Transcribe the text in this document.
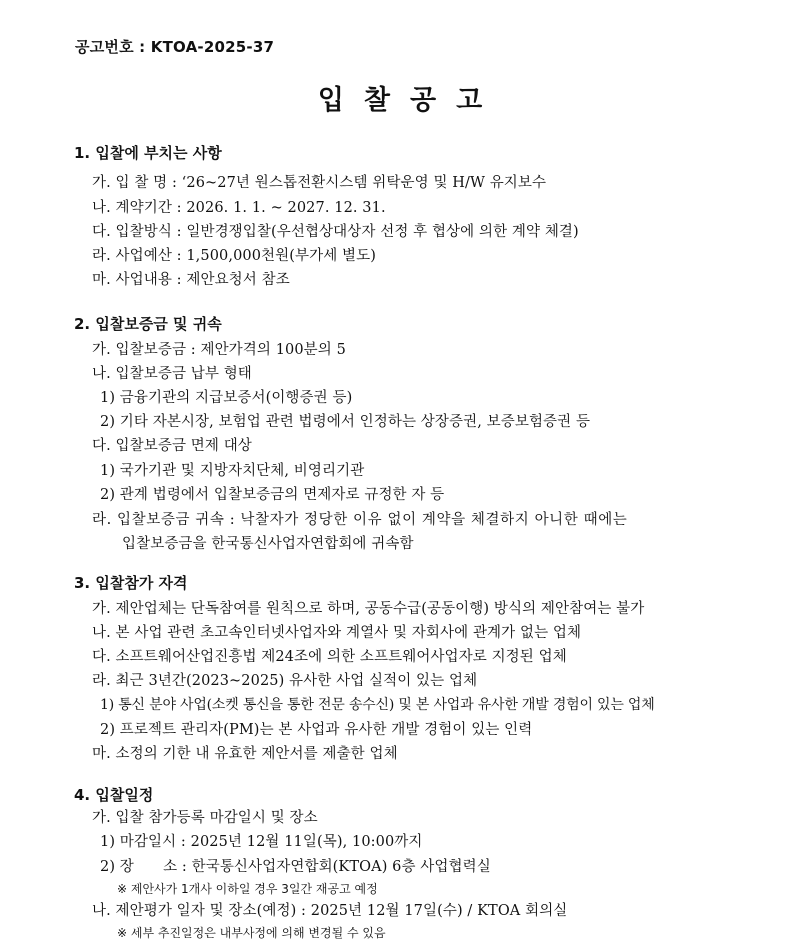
공고번호 : KTOA-2025-37
입찰공고
1. 입찰에 부치는 사항
가. 입 찰 명 : ‘26~27년 원스톱전환시스템 위탁운영 및 H/W 유지보수
나. 계약기간 : 2026. 1. 1. ~ 2027. 12. 31.
다. 입찰방식 : 일반경쟁입찰(우선협상대상자 선정 후 협상에 의한 계약 체결)
라. 사업예산 : 1,500,000천원(부가세 별도)
마. 사업내용 : 제안요청서 참조
2. 입찰보증금 및 귀속
가. 입찰보증금 : 제안가격의 100분의 5
나. 입찰보증금 납부 형태
1) 금융기관의 지급보증서(이행증권 등)
2) 기타 자본시장, 보험업 관련 법령에서 인정하는 상장증권, 보증보험증권 등
다. 입찰보증금 면제 대상
1) 국가기관 및 지방자치단체, 비영리기관
2) 관계 법령에서 입찰보증금의 면제자로 규정한 자 등
라. 입찰보증금 귀속 : 낙찰자가 정당한 이유 없이 계약을 체결하지 아니한 때에는
입찰보증금을 한국통신사업자연합회에 귀속함
3. 입찰참가 자격
가. 제안업체는 단독참여를 원칙으로 하며, 공동수급(공동이행) 방식의 제안참여는 불가
나. 본 사업 관련 초고속인터넷사업자와 계열사 및 자회사에 관계가 없는 업체
다. 소프트웨어산업진흥법 제24조에 의한 소프트웨어사업자로 지정된 업체
라. 최근 3년간(2023~2025) 유사한 사업 실적이 있는 업체
1) 통신 분야 사업(소켓 통신을 통한 전문 송수신) 및 본 사업과 유사한 개발 경험이 있는 업체
2) 프로젝트 관리자(PM)는 본 사업과 유사한 개발 경험이 있는 인력
마. 소정의 기한 내 유효한 제안서를 제출한 업체
4. 입찰일정
가. 입찰 참가등록 마감일시 및 장소
1) 마감일시 : 2025년 12월 11일(목), 10:00까지
2) 장　　소 : 한국통신사업자연합회(KTOA) 6층 사업협력실
※ 제안사가 1개사 이하일 경우 3일간 재공고 예정
나. 제안평가 일자 및 장소(예정) : 2025년 12월 17일(수) / KTOA 회의실
※ 세부 추진일정은 내부사정에 의해 변경될 수 있음
